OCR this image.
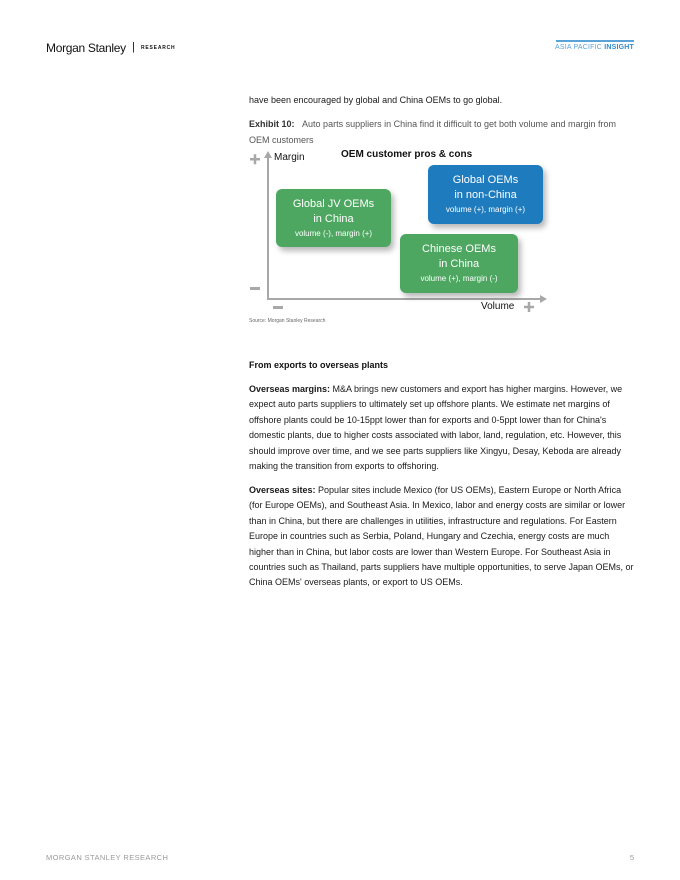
Morgan Stanley | RESEARCH	ASIA PACIFIC INSIGHT
have been encouraged by global and China OEMs to go global.
Exhibit 10: Auto parts suppliers in China find it difficult to get both volume and margin from OEM customers
Margin	OEM customer pros & cons
Volume
Global JV OEMs
in China
volume (-), margin (+)
Global OEMs
in non-China
volume (+), margin (+)
Chinese OEMs
in China
volume (+), margin (-)
Source: Morgan Stanley Research
From exports to overseas plants
Overseas margins: M&A brings new customers and export has higher margins. However, we expect auto parts suppliers to ultimately set up offshore plants. We estimate net margins of offshore plants could be 10-15ppt lower than for exports and 0-5ppt lower than for China's domestic plants, due to higher costs associated with labor, land, regulation, etc. However, this should improve over time, and we see parts suppliers like Xingyu, Desay, Keboda are already making the transition from exports to offshoring.
Overseas sites: Popular sites include Mexico (for US OEMs), Eastern Europe or North Africa (for Europe OEMs), and Southeast Asia. In Mexico, labor and energy costs are similar or lower than in China, but there are challenges in utilities, infrastructure and regulations. For Eastern Europe in countries such as Serbia, Poland, Hungary and Czechia, energy costs are much higher than in China, but labor costs are lower than Western Europe. For Southeast Asia in countries such as Thailand, parts suppliers have multiple opportunities, to serve Japan OEMs, or China OEMs' overseas plants, or export to US OEMs.
MORGAN STANLEY RESEARCH	5
